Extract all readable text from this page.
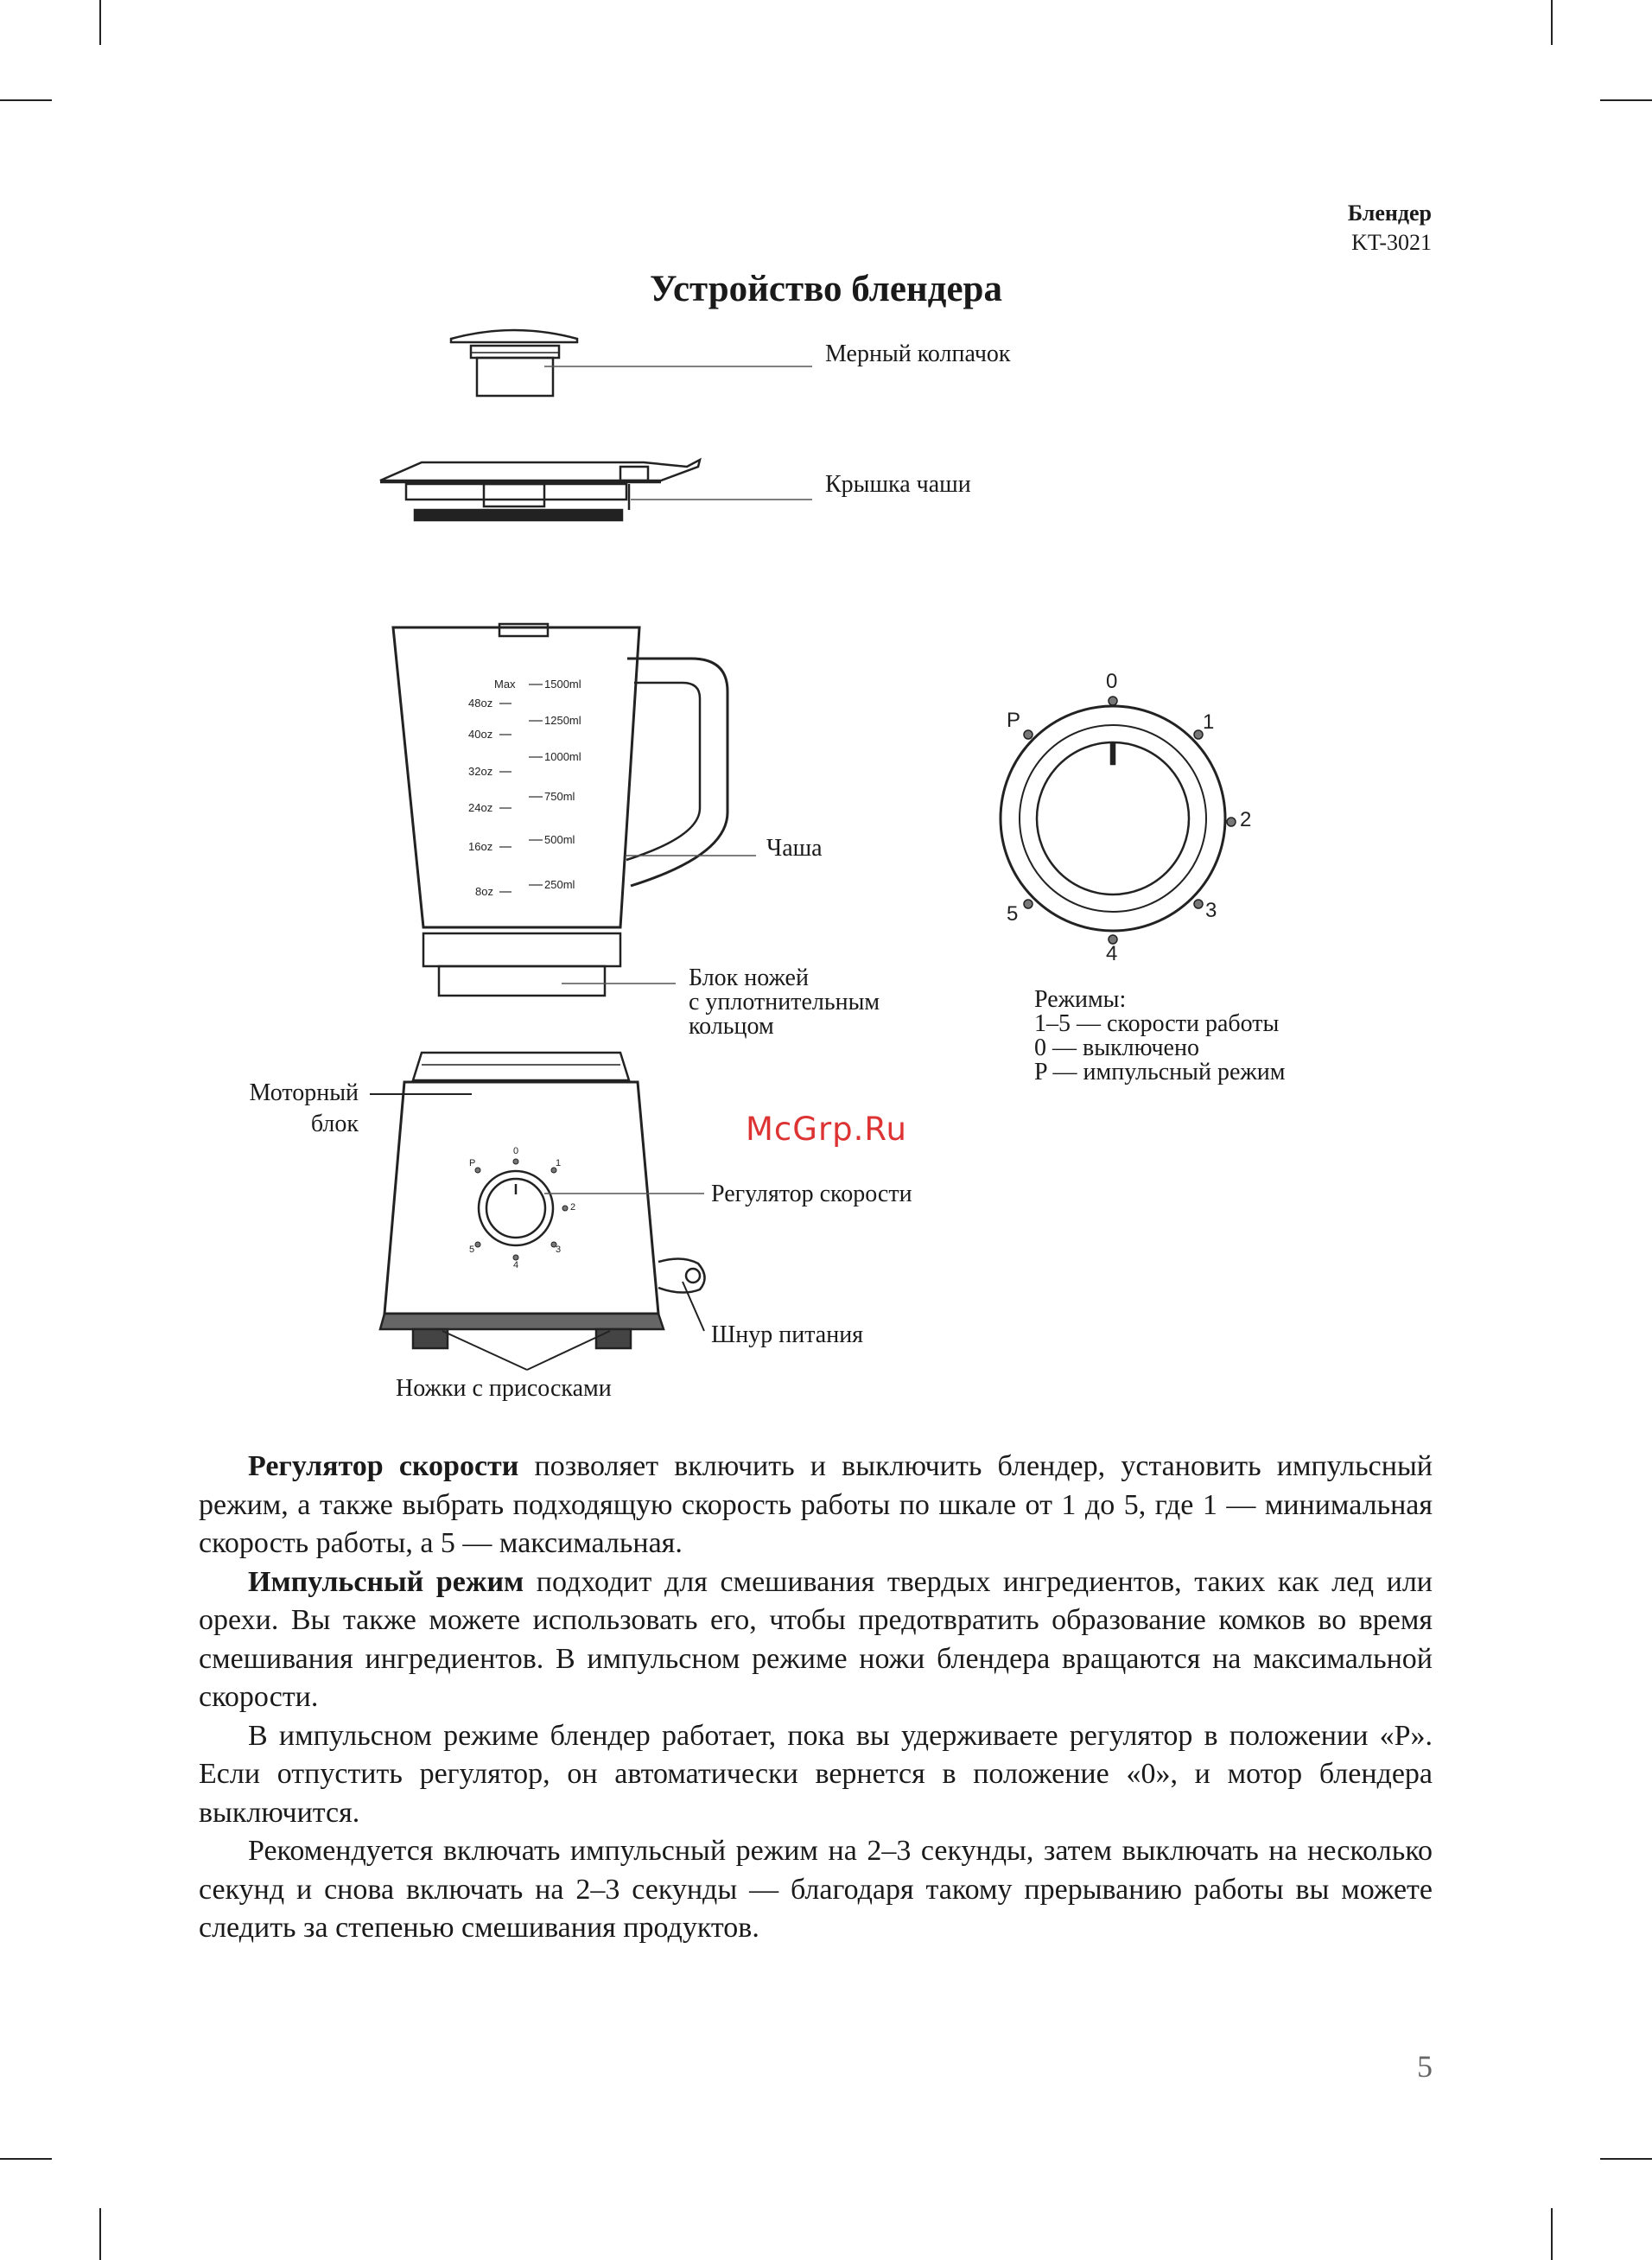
Блендер
KT-3021
Устройство блендера
1500ml
1250ml
1000ml
750ml
500ml
250ml
Max
48oz
40oz
32oz
24oz
16oz
8oz
0
1
2
3
4
5
P
0
1
2
3
4
5
P
Мерный колпачок
Крышка чаши
Чаша
Блок ножей
с уплотнительным
кольцом
Моторный
блок
Регулятор скорости
Шнур питания
Ножки с присосками
Режимы:
1–5 — скорости работы
0 — выключено
P — импульсный режим
McGrp.Ru

Регулятор скорости позволяет включить и выключить блендер, установить импульсный режим, а также выбрать подходящую скорость работы по шкале от 1 до 5, где 1 — минимальная скорость работы, а 5 — максимальная.

Импульсный режим подходит для смешивания твердых ингредиентов, таких как лед или орехи. Вы также можете использовать его, чтобы предотвратить образование комков во время смешивания ингредиентов. В импульсном режиме ножи блендера вращаются на максимальной скорости.

В импульсном режиме блендер работает, пока вы удерживаете регулятор в положении «P». Если отпустить регулятор, он автоматически вернется в положение «0», и мотор блендера выключится.

Рекомендуется включать импульсный режим на 2–3 секунды, затем выключать на несколько секунд и снова включать на 2–3 секунды — благодаря такому прерыванию работы вы можете следить за степенью смешивания продуктов.

5
